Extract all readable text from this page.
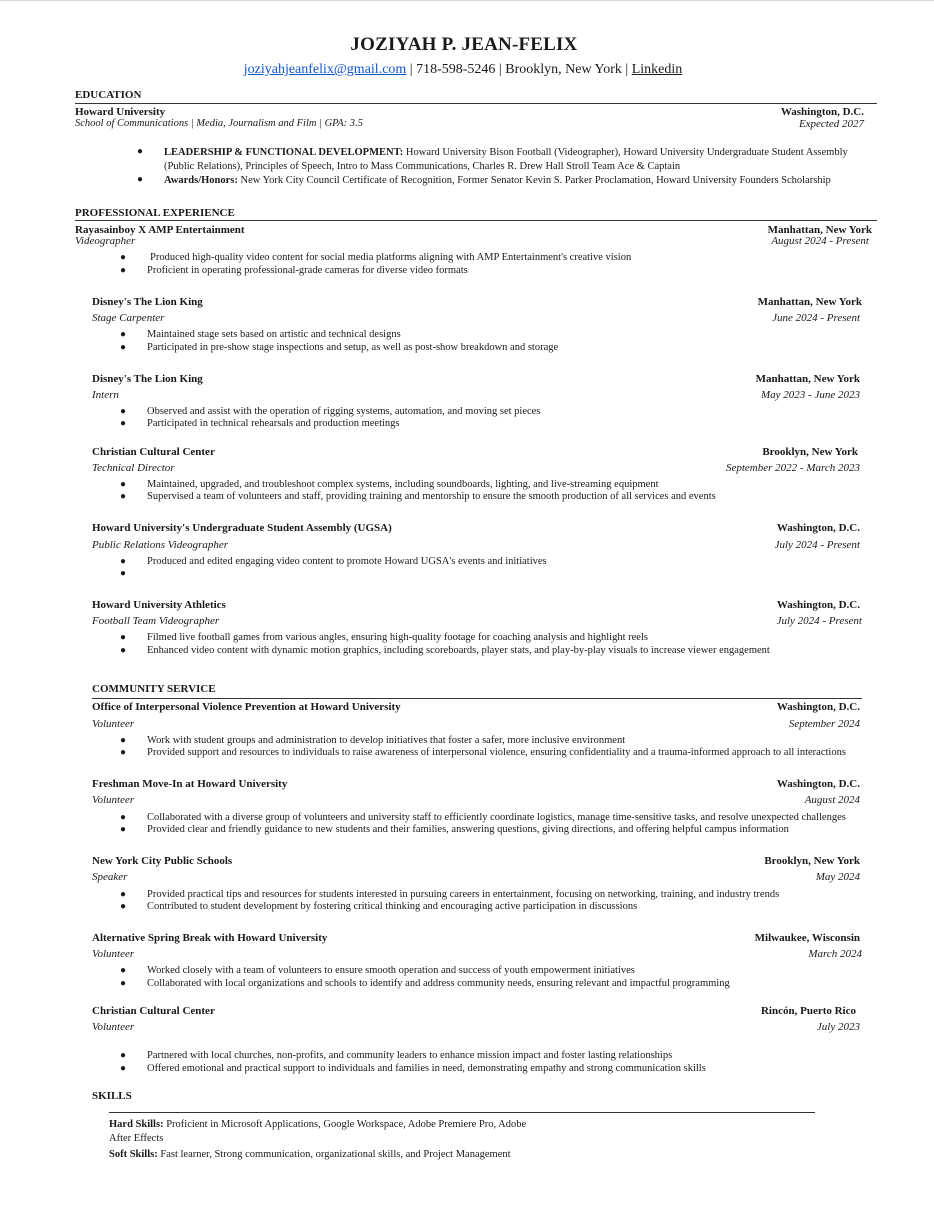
JOZIYAH P. JEAN-FELIX
joziyahjeanfelix@gmail.com | 718-598-5246 | Brooklyn, New York | Linkedin
EDUCATION
Howard University	Washington, D.C.
School of Communications | Media, Journalism and Film | GPA: 3.5	Expected 2027
● LEADERSHIP & FUNCTIONAL DEVELOPMENT: Howard University Bison Football (Videographer), Howard University Undergraduate Student Assembly
(Public Relations), Principles of Speech, Intro to Mass Communications, Charles R. Drew Hall Stroll Team Ace & Captain
● Awards/Honors: New York City Council Certificate of Recognition, Former Senator Kevin S. Parker Proclamation, Howard University Founders Scholarship
PROFESSIONAL EXPERIENCE
Rayasainboy X AMP Entertainment	Manhattan, New York
Videographer	August 2024 - Present
● Produced high-quality video content for social media platforms aligning with AMP Entertainment's creative vision
● Proficient in operating professional-grade cameras for diverse video formats
Disney's The Lion King	Manhattan, New York
Stage Carpenter	June 2024 - Present
● Maintained stage sets based on artistic and technical designs
● Participated in pre-show stage inspections and setup, as well as post-show breakdown and storage
Disney's The Lion King	Manhattan, New York
Intern	May 2023 - June 2023
● Observed and assist with the operation of rigging systems, automation, and moving set pieces
● Participated in technical rehearsals and production meetings
Christian Cultural Center	Brooklyn, New York
Technical Director	September 2022 - March 2023
● Maintained, upgraded, and troubleshoot complex systems, including soundboards, lighting, and live-streaming equipment
● Supervised a team of volunteers and staff, providing training and mentorship to ensure the smooth production of all services and events
Howard University's Undergraduate Student Assembly (UGSA)	Washington, D.C.
Public Relations Videographer	July 2024 - Present
● Produced and edited engaging video content to promote Howard UGSA's events and initiatives
●
Howard University Athletics	Washington, D.C.
Football Team Videographer	July 2024 - Present
● Filmed live football games from various angles, ensuring high-quality footage for coaching analysis and highlight reels
● Enhanced video content with dynamic motion graphics, including scoreboards, player stats, and play-by-play visuals to increase viewer engagement
COMMUNITY SERVICE
Office of Interpersonal Violence Prevention at Howard University	Washington, D.C.
Volunteer	September 2024
● Work with student groups and administration to develop initiatives that foster a safer, more inclusive environment
● Provided support and resources to individuals to raise awareness of interpersonal violence, ensuring confidentiality and a trauma-informed approach to all interactions
Freshman Move-In at Howard University	Washington, D.C.
Volunteer	August 2024
● Collaborated with a diverse group of volunteers and university staff to efficiently coordinate logistics, manage time-sensitive tasks, and resolve unexpected challenges
● Provided clear and friendly guidance to new students and their families, answering questions, giving directions, and offering helpful campus information
New York City Public Schools	Brooklyn, New York
Speaker	May 2024
● Provided practical tips and resources for students interested in pursuing careers in entertainment, focusing on networking, training, and industry trends
● Contributed to student development by fostering critical thinking and encouraging active participation in discussions
Alternative Spring Break with Howard University	Milwaukee, Wisconsin
Volunteer	March 2024
● Worked closely with a team of volunteers to ensure smooth operation and success of youth empowerment initiatives
● Collaborated with local organizations and schools to identify and address community needs, ensuring relevant and impactful programming
Christian Cultural Center	Rincón, Puerto Rico
Volunteer	July 2023
● Partnered with local churches, non-profits, and community leaders to enhance mission impact and foster lasting relationships
● Offered emotional and practical support to individuals and families in need, demonstrating empathy and strong communication skills
SKILLS
Hard Skills: Proficient in Microsoft Applications, Google Workspace, Adobe Premiere Pro, Adobe
After Effects
Soft Skills: Fast learner, Strong communication, organizational skills, and Project Management
